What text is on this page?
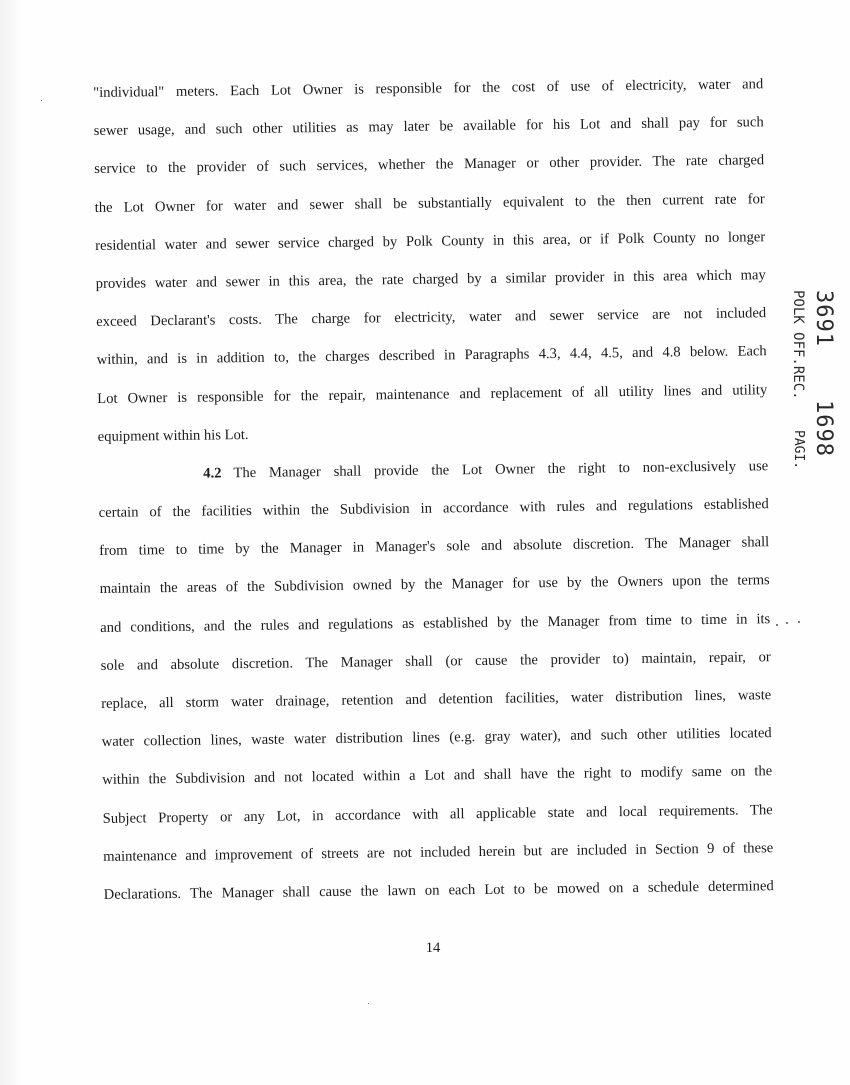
"individual" meters. Each Lot Owner is responsible for the cost of use of electricity, water and
sewer usage, and such other utilities as may later be available for his Lot and shall pay for such
service to the provider of such services, whether the Manager or other provider. The rate charged
the Lot Owner for water and sewer shall be substantially equivalent to the then current rate for
residential water and sewer service charged by Polk County in this area, or if Polk County no longer
provides water and sewer in this area, the rate charged by a similar provider in this area which may
exceed Declarant's costs. The charge for electricity, water and sewer service are not included
within, and is in addition to, the charges described in Paragraphs 4.3, 4.4, 4.5, and 4.8 below. Each
Lot Owner is responsible for the repair, maintenance and replacement of all utility lines and utility
equipment within his Lot.
4.2 The Manager shall provide the Lot Owner the right to non-exclusively use
certain of the facilities within the Subdivision in accordance with rules and regulations established
from time to time by the Manager in Manager's sole and absolute discretion. The Manager shall
maintain the areas of the Subdivision owned by the Manager for use by the Owners upon the terms
and conditions, and the rules and regulations as established by the Manager from time to time in its
sole and absolute discretion. The Manager shall (or cause the provider to) maintain, repair, or
replace, all storm water drainage, retention and detention facilities, water distribution lines, waste
water collection lines, waste water distribution lines (e.g. gray water), and such other utilities located
within the Subdivision and not located within a Lot and shall have the right to modify same on the
Subject Property or any Lot, in accordance with all applicable state and local requirements. The
maintenance and improvement of streets are not included herein but are included in Section 9 of these
Declarations. The Manager shall cause the lawn on each Lot to be mowed on a schedule determined
14
3691
1698
POLK OFF.REC.
PAGI.
